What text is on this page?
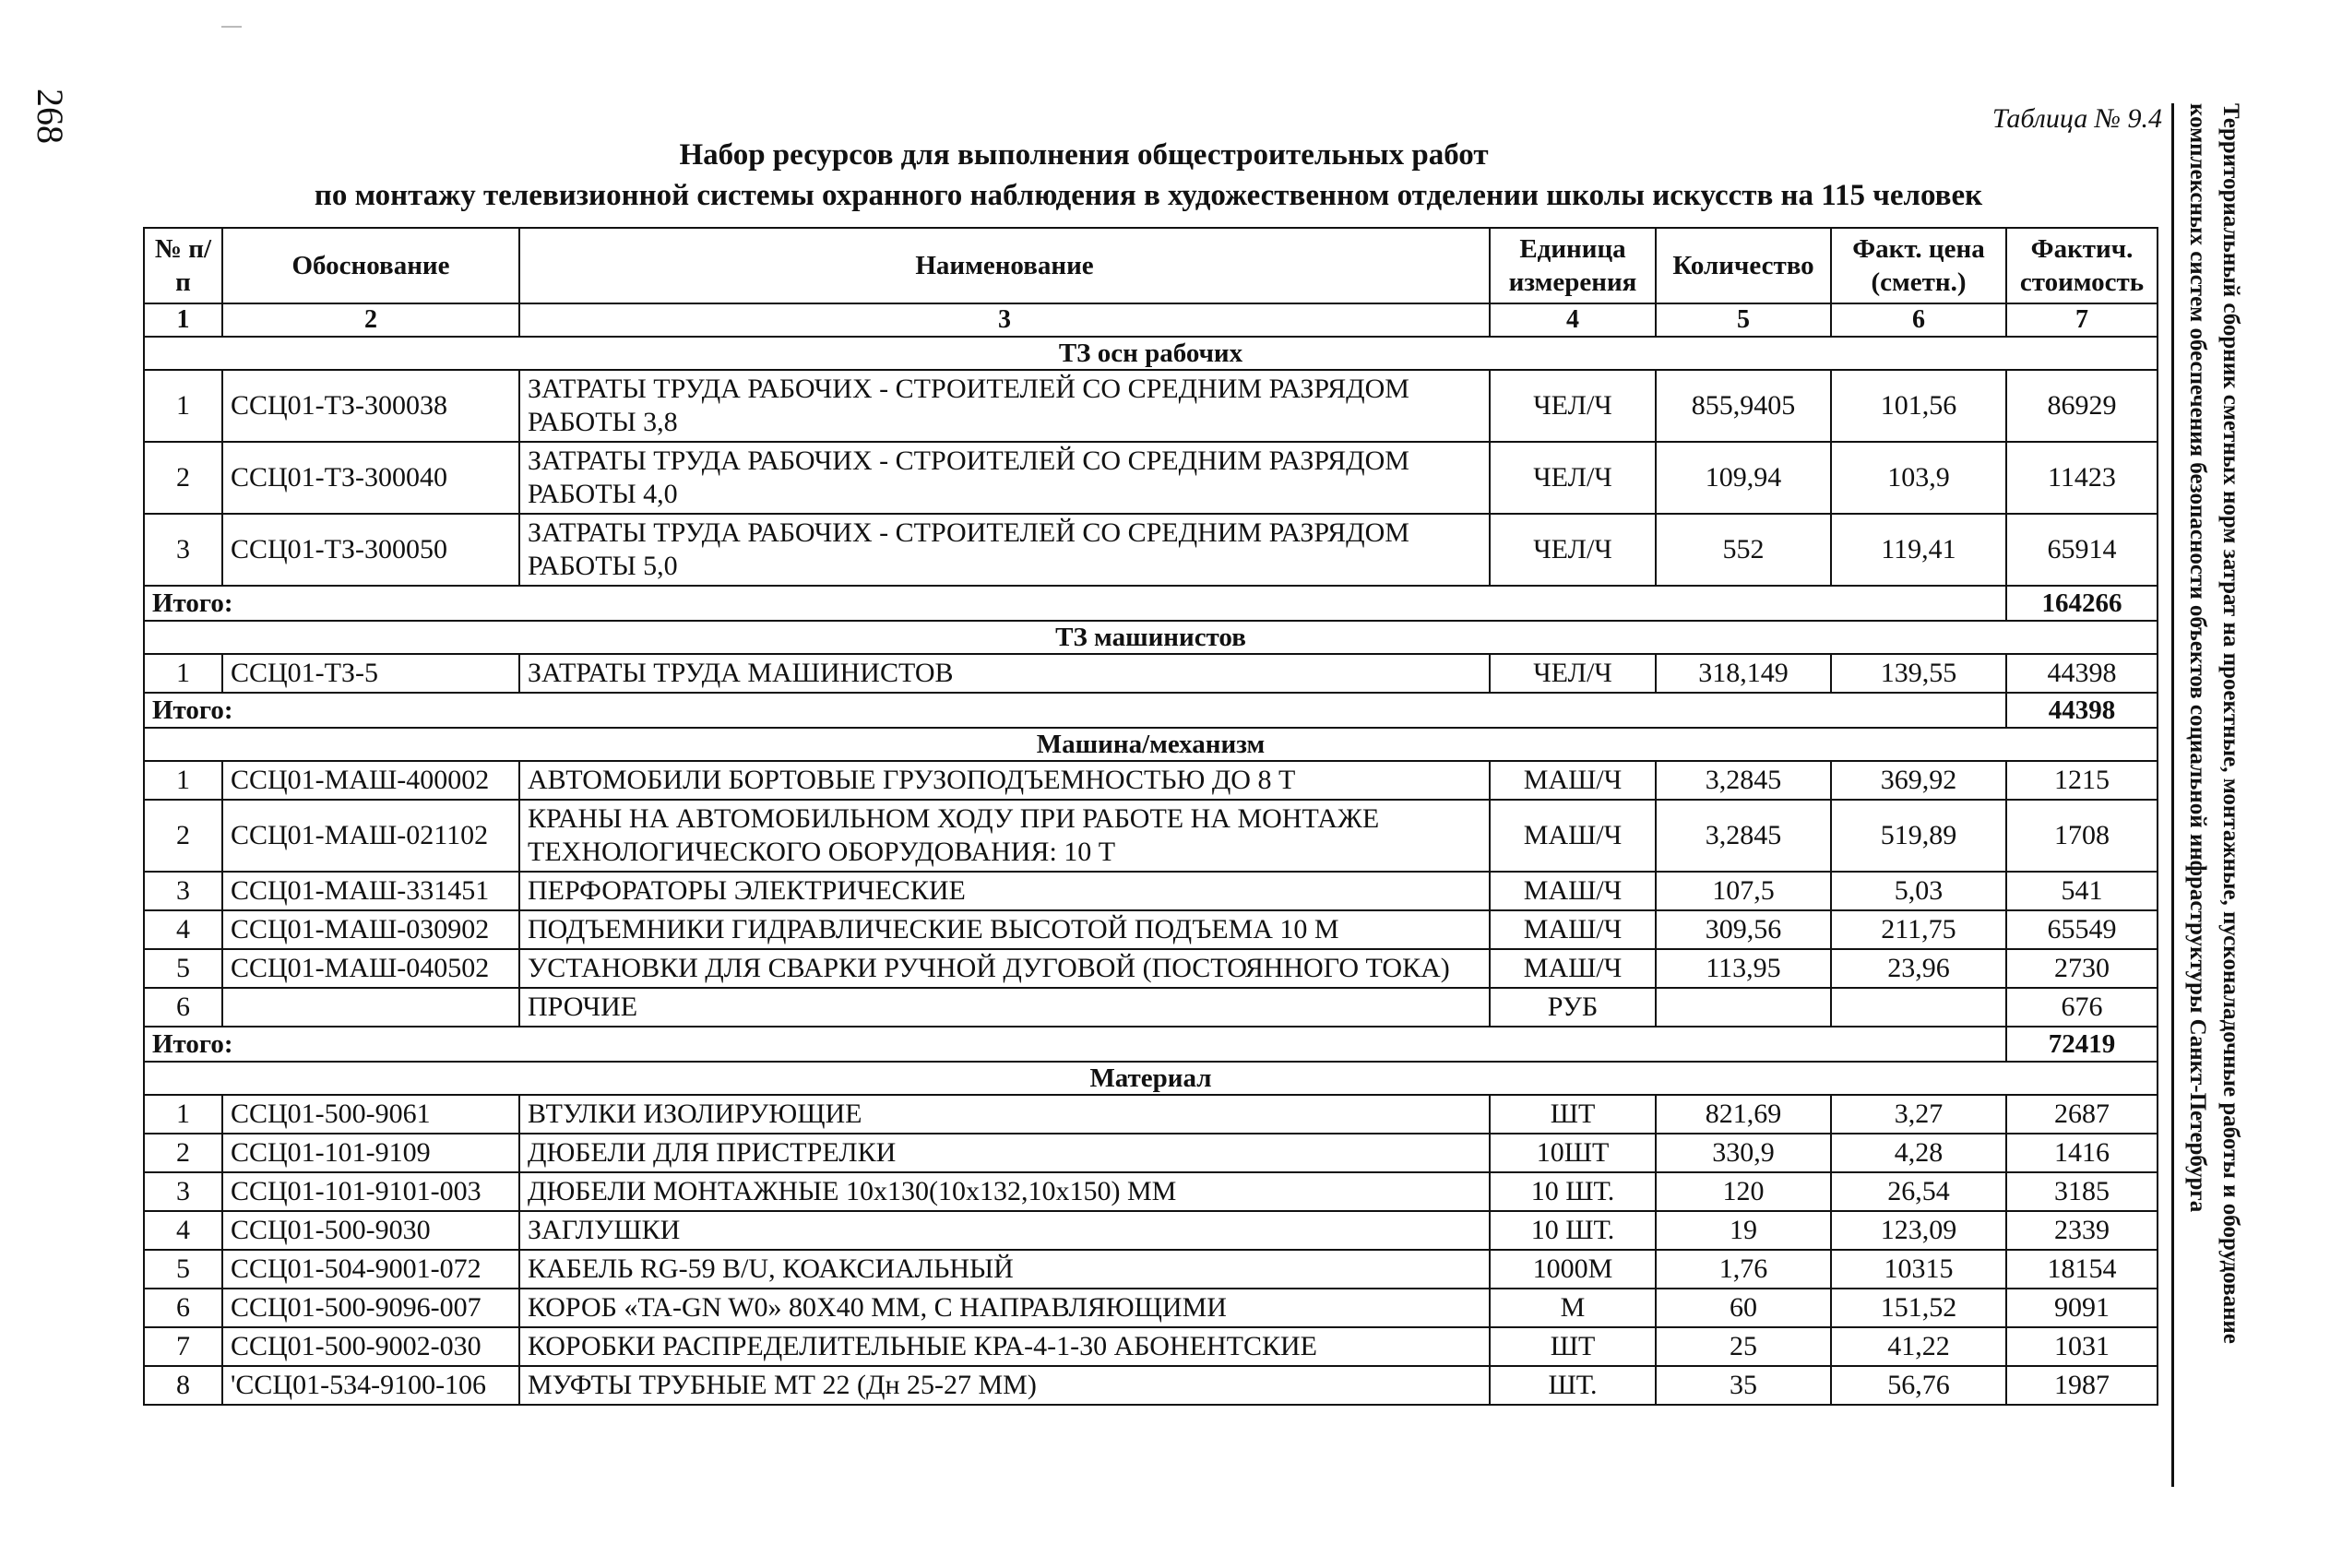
268	Таблица № 9.4
Набор ресурсов для выполнения общестроительных работ
по монтажу телевизионной системы охранного наблюдения в художественном отделении школы искусств на 115 человек	Территориальный сборник сметных норм затрат на проектные, монтажные, пусконаладочные работы и оборудование комплексных систем обеспечения безопасности объектов социальной инфраструктуры Санкт-Петербурга
№ п/п	Обоснование	Наименование	Единица измерения	Количество	Факт. цена (сметн.)	Фактич. стоимость
1	2	3	4	5	6	7
ТЗ осн рабочих						
1	ССЦ01-ТЗ-300038	ЗАТРАТЫ ТРУДА РАБОЧИХ - СТРОИТЕЛЕЙ СО СРЕДНИМ РАЗРЯДОМ РАБОТЫ 3,8	ЧЕЛ/Ч	855,9405	101,56	86929
2	ССЦ01-ТЗ-300040	ЗАТРАТЫ ТРУДА РАБОЧИХ - СТРОИТЕЛЕЙ СО СРЕДНИМ РАЗРЯДОМ РАБОТЫ 4,0	ЧЕЛ/Ч	109,94	103,9	11423
3	ССЦ01-ТЗ-300050	ЗАТРАТЫ ТРУДА РАБОЧИХ - СТРОИТЕЛЕЙ СО СРЕДНИМ РАЗРЯДОМ РАБОТЫ 5,0	ЧЕЛ/Ч	552	119,41	65914
Итого:						164266
ТЗ машинистов						
1	ССЦ01-ТЗ-5	ЗАТРАТЫ ТРУДА МАШИНИСТОВ	ЧЕЛ/Ч	318,149	139,55	44398
Итого:						44398
Машина/механизм						
1	ССЦ01-МАШ-400002	АВТОМОБИЛИ БОРТОВЫЕ ГРУЗОПОДЪЕМНОСТЬЮ ДО 8 Т	МАШ/Ч	3,2845	369,92	1215
2	ССЦ01-МАШ-021102	КРАНЫ НА АВТОМОБИЛЬНОМ ХОДУ ПРИ РАБОТЕ НА МОНТАЖЕ ТЕХНОЛОГИЧЕСКОГО ОБОРУДОВАНИЯ: 10 Т	МАШ/Ч	3,2845	519,89	1708
3	ССЦ01-МАШ-331451	ПЕРФОРАТОРЫ ЭЛЕКТРИЧЕСКИЕ	МАШ/Ч	107,5	5,03	541
4	ССЦ01-МАШ-030902	ПОДЪЕМНИКИ ГИДРАВЛИЧЕСКИЕ ВЫСОТОЙ ПОДЪЕМА 10 М	МАШ/Ч	309,56	211,75	65549
5	ССЦ01-МАШ-040502	УСТАНОВКИ ДЛЯ СВАРКИ РУЧНОЙ ДУГОВОЙ (ПОСТОЯННОГО ТОКА)	МАШ/Ч	113,95	23,96	2730
6		ПРОЧИЕ	РУБ			676
Итого:						72419
Материал						
1	ССЦ01-500-9061	ВТУЛКИ ИЗОЛИРУЮЩИЕ	ШТ	821,69	3,27	2687
2	ССЦ01-101-9109	ДЮБЕЛИ ДЛЯ ПРИСТРЕЛКИ	10ШТ	330,9	4,28	1416
3	ССЦ01-101-9101-003	ДЮБЕЛИ МОНТАЖНЫЕ 10х130(10х132,10х150) ММ	10 ШТ.	120	26,54	3185
4	ССЦ01-500-9030	ЗАГЛУШКИ	10 ШТ.	19	123,09	2339
5	ССЦ01-504-9001-072	КАБЕЛЬ RG-59 B/U, КОАКСИАЛЬНЫЙ	1000М	1,76	10315	18154
6	ССЦ01-500-9096-007	КОРОБ «TA-GN W0» 80Х40 ММ, С НАПРАВЛЯЮЩИМИ	М	60	151,52	9091
7	ССЦ01-500-9002-030	КОРОБКИ РАСПРЕДЕЛИТЕЛЬНЫЕ КРА-4-1-30 АБОНЕНТСКИЕ	ШТ	25	41,22	1031
8	'ССЦ01-534-9100-106	МУФТЫ ТРУБНЫЕ МТ 22 (Дн 25-27 ММ)	ШТ.	35	56,76	1987
